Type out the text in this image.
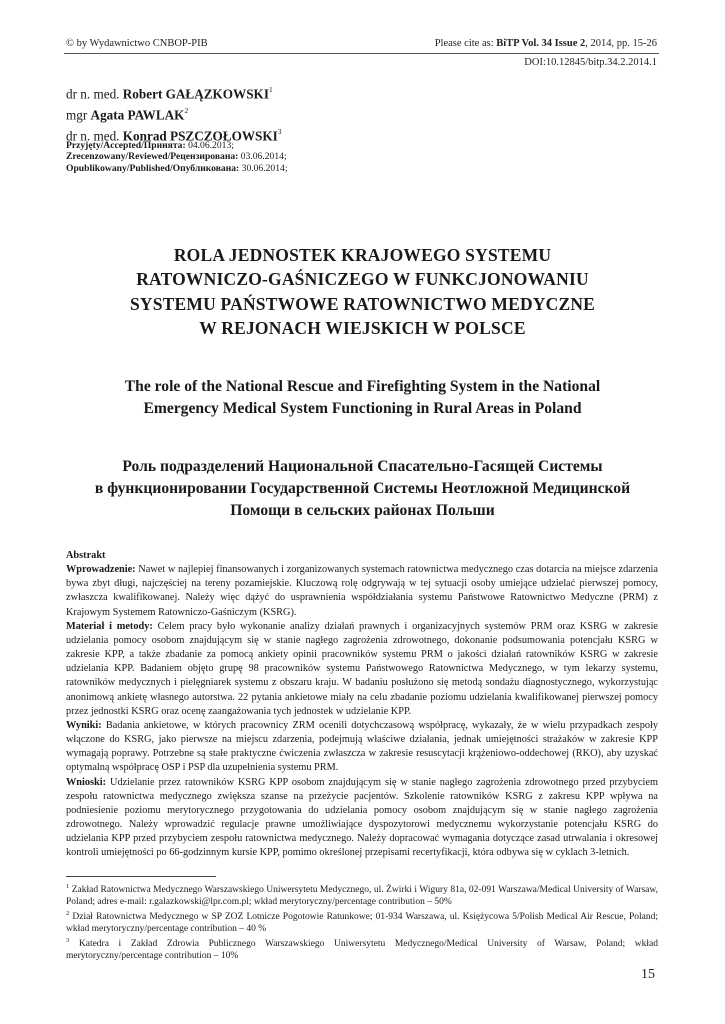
© by Wydawnictwo CNBOP-PIB	Please cite as: BiTP Vol. 34 Issue 2, 2014, pp. 15-26
DOI:10.12845/bitp.34.2.2014.1
dr n. med. Robert GAŁĄZKOWSKI$^1$
mgr Agata PAWLAK$^2$
dr n. med. Konrad PSZCZOŁOWSKI$^3$
Przyjęty/Accepted/Принята: 04.06.2013;
Zrecenzowany/Reviewed/Рецензирована: 03.06.2014;
Opublikowany/Published/Опубликована: 30.06.2014;
ROLA JEDNOSTEK KRAJOWEGO SYSTEMU
RATOWNICZO-GAŚNICZEGO W FUNKCJONOWANIU
SYSTEMU PAŃSTWOWE RATOWNICTWO MEDYCZNE
W REJONACH WIEJSKICH W POLSCE
The role of the National Rescue and Firefighting System in the National
Emergency Medical System Functioning in Rural Areas in Poland
Роль подразделений Национальной Спасательно-Гасящей Системы
в функционировании Государственной Системы Неотложной Медицинской
Помощи в сельских районах Польши
Abstrakt

Wprowadzenie: Nawet w najlepiej finansowanych i zorganizowanych systemach ratownictwa medycznego czas dotarcia na miejsce zdarzenia bywa zbyt długi, najczęściej na tereny pozamiejskie. Kluczową rolę odgrywają w tej sytuacji osoby umiejące udzielać pierwszej pomocy, zwłaszcza kwalifikowanej. Należy więc dążyć do usprawnienia współdziałania systemu Państwowe Ratownictwo Medyczne (PRM) z Krajowym Systemem Ratowniczo-Gaśniczym (KSRG).

Materiał i metody: Celem pracy było wykonanie analizy działań prawnych i organizacyjnych systemów PRM oraz KSRG w zakresie udzielania pomocy osobom znajdującym się w stanie nagłego zagrożenia zdrowotnego, dokonanie podsumowania potencjału KSRG w zakresie KPP, a także zbadanie za pomocą ankiety opinii pracowników systemu PRM o jakości działań ratowników KSRG w zakresie udzielania KPP. Badaniem objęto grupę 98 pracowników systemu Państwowego Ratownictwa Medycznego, w tym lekarzy systemu, ratowników medycznych i pielęgniarek systemu z obszaru kraju. W badaniu posłużono się metodą sondażu diagnostycznego, wykorzystując anonimową ankietę własnego autorstwa. 22 pytania ankietowe miały na celu zbadanie poziomu udzielania kwalifikowanej pierwszej pomocy przez jednostki KSRG oraz ocenę zaangażowania tych jednostek w udzielanie KPP.

Wyniki: Badania ankietowe, w których pracownicy ZRM ocenili dotychczasową współpracę, wykazały, że w wielu przypadkach zespoły włączone do KSRG, jako pierwsze na miejscu zdarzenia, podejmują właściwe działania, jednak umiejętności strażaków w zakresie KPP wymagają poprawy. Potrzebne są stałe praktyczne ćwiczenia zwłaszcza w zakresie resuscytacji krążeniowo-oddechowej (RKO), aby uzyskać optymalną współpracę OSP i PSP dla uzupełnienia systemu PRM.

Wnioski: Udzielanie przez ratowników KSRG KPP osobom znajdującym się w stanie nagłego zagrożenia zdrowotnego przed przybyciem zespołu ratownictwa medycznego zwiększa szanse na przeżycie pacjentów. Szkolenie ratowników KSRG z zakresu KPP wpływa na podniesienie poziomu merytorycznego przygotowania do udzielania pomocy osobom znajdującym się w stanie nagłego zagrożenia zdrowotnego. Należy wprowadzić regulacje prawne umożliwiające dyspozytorowi medycznemu wykorzystanie potencjału KSRG do udzielania KPP przed przybyciem zespołu ratownictwa medycznego. Należy dopracować wymagania dotyczące zasad utrwalania i okresowej kontroli umiejętności po 66-godzinnym kursie KPP, pomimo określonej przepisami recertyfikacji, która odbywa się w cyklach 3-letnich.

$^1$ Zakład Ratownictwa Medycznego Warszawskiego Uniwersytetu Medycznego, ul. Żwirki i Wigury 81a, 02-091 Warszawa/Medical University of Warsaw, Poland; adres e-mail: r.galazkowski@lpr.com.pl; wkład merytoryczny/percentage contribution – 50%

$^2$ Dział Ratownictwa Medycznego w SP ZOZ Lotnicze Pogotowie Ratunkowe; 01-934 Warszawa, ul. Księżycowa 5/Polish Medical Air Rescue, Poland; wkład merytoryczny/percentage contribution – 40 %

$^3$ Katedra i Zakład Zdrowia Publicznego Warszawskiego Uniwersytetu Medycznego/Medical University of Warsaw, Poland; wkład merytoryczny/percentage contribution – 10%

15
